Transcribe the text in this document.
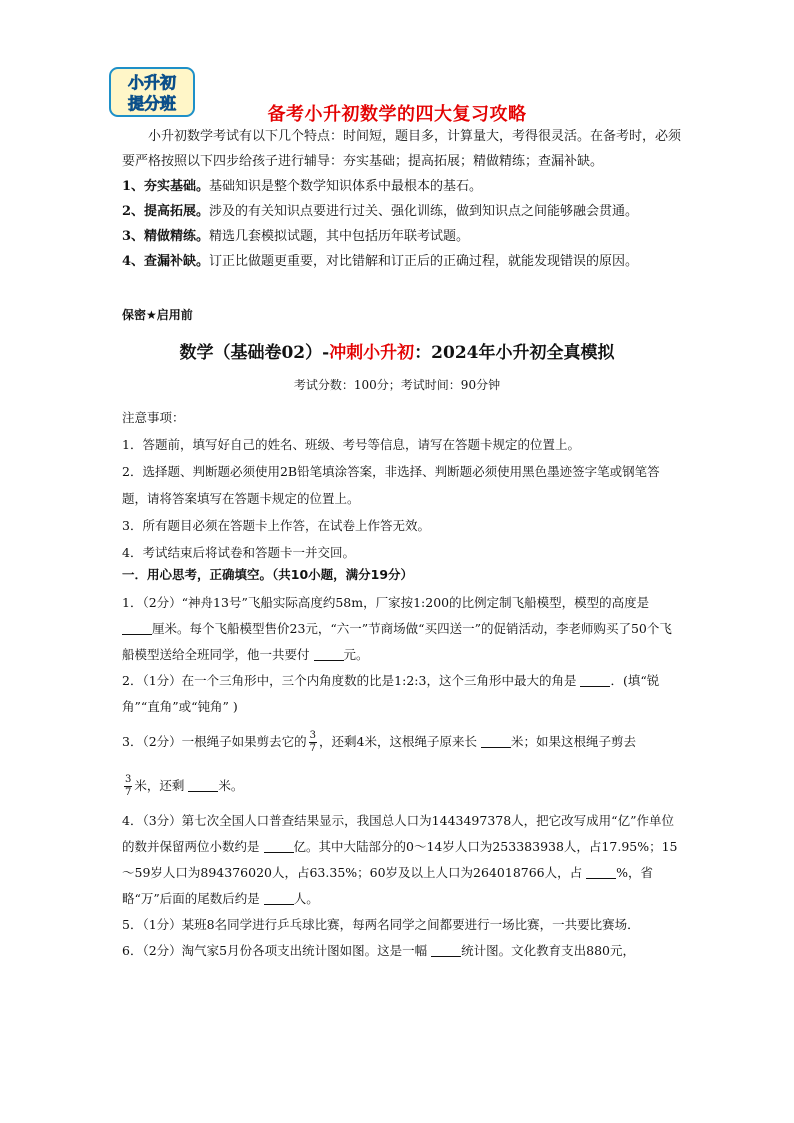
小升初
提分班
备考小升初数学的四大复习攻略

小升初数学考试有以下几个特点：时间短，题目多，计算量大，考得很灵活。在备考时，必须要严格按照以下四步给孩子进行辅导：夯实基础；提高拓展；精做精练；查漏补缺。

1、夯实基础。基础知识是整个数学知识体系中最根本的基石。

2、提高拓展。涉及的有关知识点要进行过关、强化训练，做到知识点之间能够融会贯通。

3、精做精练。精选几套模拟试题，其中包括历年联考试题。

4、查漏补缺。订正比做题更重要，对比错解和订正后的正确过程，就能发现错误的原因。

保密★启用前
数学（基础卷02）-冲刺小升初：2024年小升初全真模拟
考试分数：100分；考试时间：90分钟

注意事项：

1．答题前，填写好自己的姓名、班级、考号等信息，请写在答题卡规定的位置上。

2．选择题、判断题必须使用2B铅笔填涂答案，非选择、判断题必须使用黑色墨迹签字笔或钢笔答题，请将答案填写在答题卡规定的位置上。

3．所有题目必须在答题卡上作答，在试卷上作答无效。

4．考试结束后将试卷和答题卡一并交回。

一．用心思考，正确填空。（共10小题，满分19分）

1．（2分）“神舟13号”飞船实际高度约58m，厂家按1:200的比例定制飞船模型，模型的高度是 厘米。每个飞船模型售价23元，“六一”节商场做“买四送一”的促销活动，李老师购买了50个飞船模型送给全班同学，他一共要付	元。

2．（1分）在一个三角形中，三个内角度数的比是1:2:3，这个三角形中最大的角是	．(填“锐角”“直角”或“钝角” )

3．（2分）一根绳子如果剪去它的 $\frac{3}{7}$ ，还剩4米，这根绳子原来长	米；如果这根绳子剪去

$\frac{3}{7}$ 米，还剩	米。

4．（3分）第七次全国人口普查结果显示，我国总人口为1443497378人，把它改写成用“亿”作单位的数并保留两位小数约是	亿。其中大陆部分的0～14岁人口为253383938人，占17.95%；15～59岁人口为894376020人，占63.35%；60岁及以上人口为264018766人，占	%，省略“万”后面的尾数后约是	人。

5．（1分）某班8名同学进行乒乓球比赛，每两名同学之间都要进行一场比赛，一共要比赛场．

6．（2分）淘气家5月份各项支出统计图如图。这是一幅	统计图。文化教育支出880元，
